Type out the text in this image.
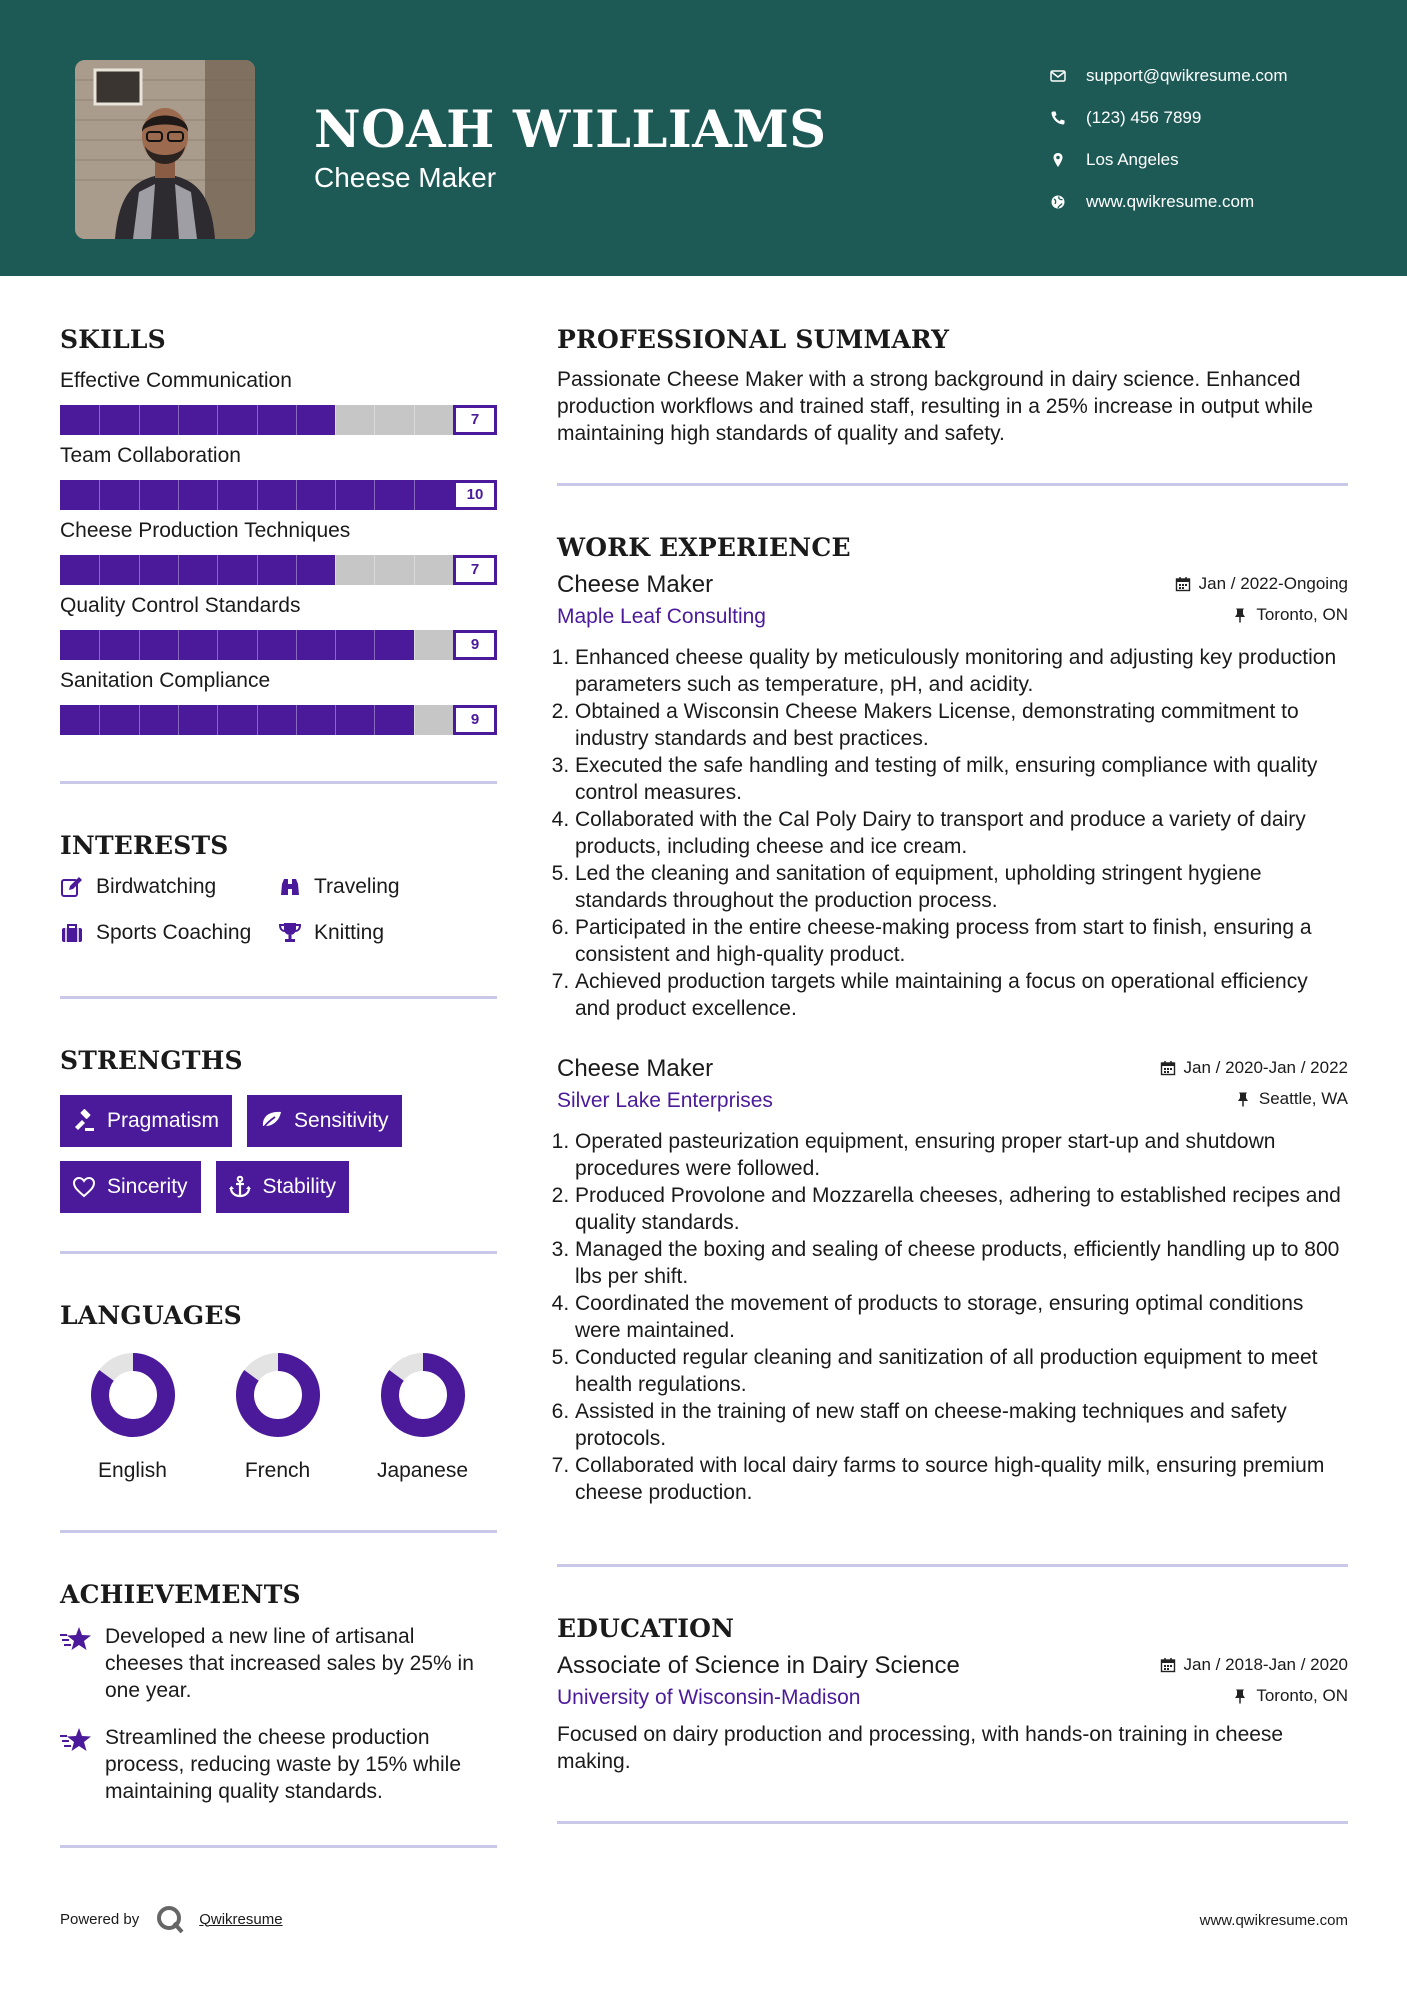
NOAH WILLIAMS
Cheese Maker
support@qwikresume.com
(123) 456 7899
Los Angeles
www.qwikresume.com
SKILLS
Effective Communication
7
Team Collaboration
10
Cheese Production Techniques
7
Quality Control Standards
9
Sanitation Compliance
9
INTERESTS
Birdwatching	Traveling
Sports Coaching	Knitting
STRENGTHS
Pragmatism	Sensitivity
Sincerity	Stability
LANGUAGES
English	French	Japanese
ACHIEVEMENTS
Developed a new line of artisanal cheeses that increased sales by 25% in one year.
Streamlined the cheese production process, reducing waste by 15% while maintaining quality standards.
PROFESSIONAL SUMMARY

Passionate Cheese Maker with a strong background in dairy science. Enhanced production workflows and trained staff, resulting in a 25% increase in output while maintaining high standards of quality and safety.

WORK EXPERIENCE
Cheese Maker	Jan / 2022-Ongoing
Maple Leaf Consulting	Toronto, ON
1. Enhanced cheese quality by meticulously monitoring and adjusting key production parameters such as temperature, pH, and acidity.
2. Obtained a Wisconsin Cheese Makers License, demonstrating commitment to industry standards and best practices.
3. Executed the safe handling and testing of milk, ensuring compliance with quality control measures.
4. Collaborated with the Cal Poly Dairy to transport and produce a variety of dairy products, including cheese and ice cream.
5. Led the cleaning and sanitation of equipment, upholding stringent hygiene standards throughout the production process.
6. Participated in the entire cheese-making process from start to finish, ensuring a consistent and high-quality product.
7. Achieved production targets while maintaining a focus on operational efficiency and product excellence.
Cheese Maker	Jan / 2020-Jan / 2022
Silver Lake Enterprises	Seattle, WA
1. Operated pasteurization equipment, ensuring proper start-up and shutdown procedures were followed.
2. Produced Provolone and Mozzarella cheeses, adhering to established recipes and quality standards.
3. Managed the boxing and sealing of cheese products, efficiently handling up to 800 lbs per shift.
4. Coordinated the movement of products to storage, ensuring optimal conditions were maintained.
5. Conducted regular cleaning and sanitization of all production equipment to meet health regulations.
6. Assisted in the training of new staff on cheese-making techniques and safety protocols.
7. Collaborated with local dairy farms to source high-quality milk, ensuring premium cheese production.
EDUCATION
Associate of Science in Dairy Science	Jan / 2018-Jan / 2020
University of Wisconsin-Madison	Toronto, ON

Focused on dairy production and processing, with hands-on training in cheese making.

Powered by	Qwikresume	www.qwikresume.com
